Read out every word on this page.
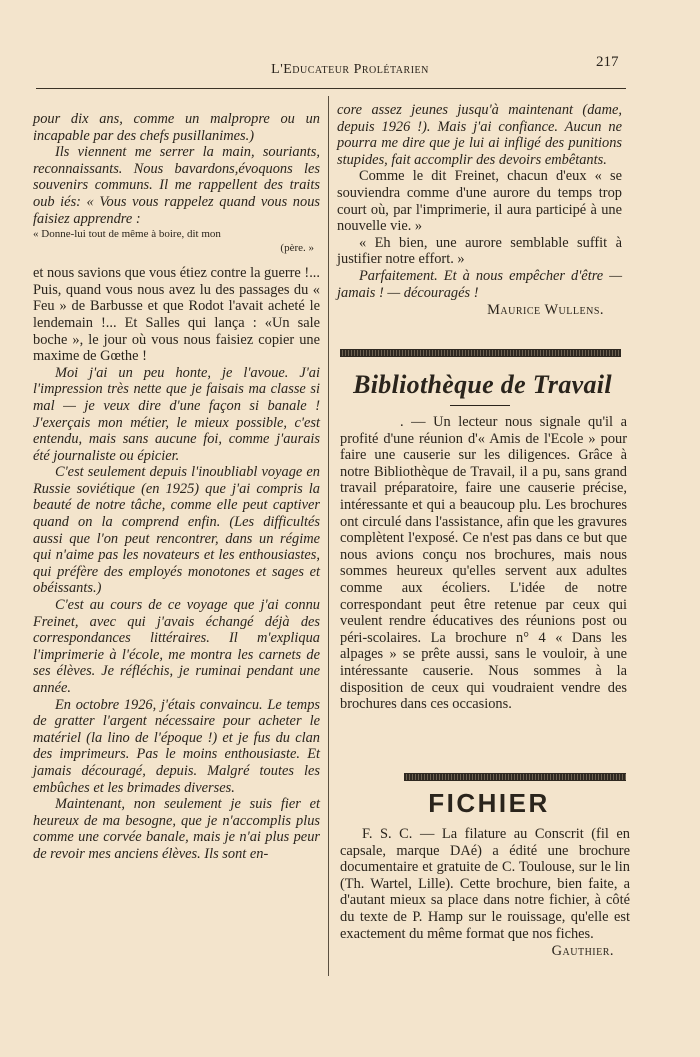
L'Educateur Prolétarien	217

pour dix ans, comme un malpropre ou un incapable par des chefs pusillanimes.)

Ils viennent me serrer la main, souriants, reconnaissants. Nous bavardons,évoquons les souvenirs communs. Il me rappellent des traits oub iés: « Vous vous rappelez quand vous nous faisiez apprendre :

« Donne-lui tout de même à boire, dit mon

(père. »

et nous savions que vous étiez contre la guerre !... Puis, quand vous nous avez lu des passages du « Feu » de Barbusse et que Rodot l'avait acheté le lendemain !... Et Salles qui lança : «Un sale boche », le jour où vous nous faisiez copier une maxime de Gœthe !

Moi j'ai un peu honte, je l'avoue. J'ai l'impression très nette que je faisais ma classe si mal — je veux dire d'une façon si banale ! J'exerçais mon métier, le mieux possible, c'est entendu, mais sans aucune foi, comme j'aurais été journaliste ou épicier.

C'est seulement depuis l'inoubliabl voyage en Russie soviétique (en 1925) que j'ai compris la beauté de notre tâche, comme elle peut captiver quand on la comprend enfin. (Les difficultés aussi que l'on peut rencontrer, dans un régime qui n'aime pas les novateurs et les enthousiastes, qui préfère des employés monotones et sages et obéissants.)

C'est au cours de ce voyage que j'ai connu Freinet, avec qui j'avais échangé déjà des correspondances littéraires. Il m'expliqua l'imprimerie à l'école, me montra les carnets de ses élèves. Je réfléchis, je ruminai pendant une année.

En octobre 1926, j'étais convaincu. Le temps de gratter l'argent nécessaire pour acheter le matériel (la lino de l'époque !) et je fus du clan des imprimeurs. Pas le moins enthousiaste. Et jamais découragé, depuis. Malgré toutes les embûches et les brimades diverses.

Maintenant, non seulement je suis fier et heureux de ma besogne, que je n'accomplis plus comme une corvée banale, mais je n'ai plus peur de revoir mes anciens élèves. Ils sont en-

core assez jeunes jusqu'à maintenant (dame, depuis 1926 !). Mais j'ai confiance. Aucun ne pourra me dire que je lui ai infligé des punitions stupides, fait accomplir des devoirs embêtants.

Comme le dit Freinet, chacun d'eux « se souviendra comme d'une aurore du temps trop court où, par l'imprimerie, il aura participé à une nouvelle vie. »

« Eh bien, une aurore semblable suffit à justifier notre effort. »

Parfaitement. Et à nous empêcher d'être — jamais ! — découragés !

Maurice Wullens.

Bibliothèque de Travail

. — Un lecteur nous signale qu'il a profité d'une réunion d'« Amis de l'Ecole » pour faire une causerie sur les diligences. Grâce à notre Bibliothèque de Travail, il a pu, sans grand travail préparatoire, faire une causerie précise, intéressante et qui a beaucoup plu. Les brochures ont circulé dans l'assistance, afin que les gravures complètent l'exposé. Ce n'est pas dans ce but que nous avions conçu nos brochures, mais nous sommes heureux qu'elles servent aux adultes comme aux écoliers. L'idée de notre correspondant peut être retenue par ceux qui veulent rendre éducatives des réunions post ou péri-scolaires. La brochure n° 4 « Dans les alpages » se prête aussi, sans le vouloir, à une intéressante causerie. Nous sommes à la disposition de ceux qui voudraient vendre des brochures dans ces occasions.

FICHIER

F. S. C. — La filature au Conscrit (fil en capsale, marque DAé) a édité une brochure documentaire et gratuite de C. Toulouse, sur le lin (Th. Wartel, Lille). Cette brochure, bien faite, a d'autant mieux sa place dans notre fichier, à côté du texte de P. Hamp sur le rouissage, qu'elle est exactement du même format que nos fiches.

Gauthier.
